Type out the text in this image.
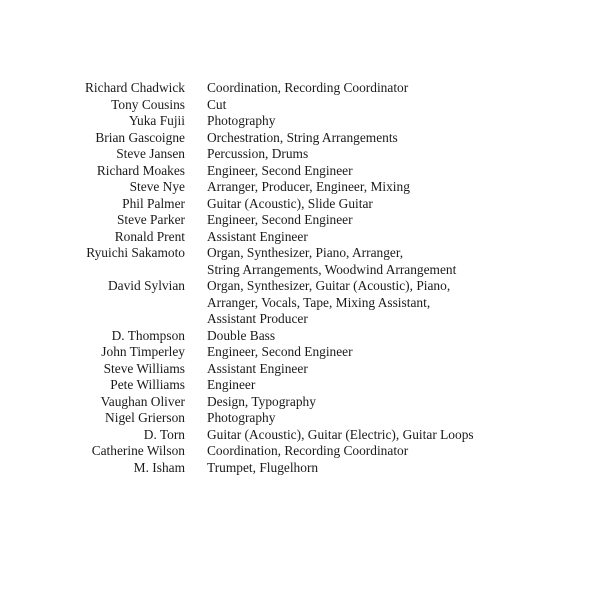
Richard Chadwick Coordination, Recording Coordinator
Tony Cousins Cut
Yuka Fujii Photography
Brian Gascoigne Orchestration, String Arrangements
Steve Jansen Percussion, Drums
Richard Moakes Engineer, Second Engineer
Steve Nye Arranger, Producer, Engineer, Mixing
Phil Palmer Guitar (Acoustic), Slide Guitar
Steve Parker Engineer, Second Engineer
Ronald Prent Assistant Engineer
Ryuichi Sakamoto Organ, Synthesizer, Piano, Arranger,
String Arrangements, Woodwind Arrangement
David Sylvian Organ, Synthesizer, Guitar (Acoustic), Piano,
Arranger, Vocals, Tape, Mixing Assistant,
Assistant Producer
D. Thompson Double Bass
John Timperley Engineer, Second Engineer
Steve Williams Assistant Engineer
Pete Williams Engineer
Vaughan Oliver Design, Typography
Nigel Grierson Photography
D. Torn Guitar (Acoustic), Guitar (Electric), Guitar Loops
Catherine Wilson Coordination, Recording Coordinator
M. Isham Trumpet, Flugelhorn
